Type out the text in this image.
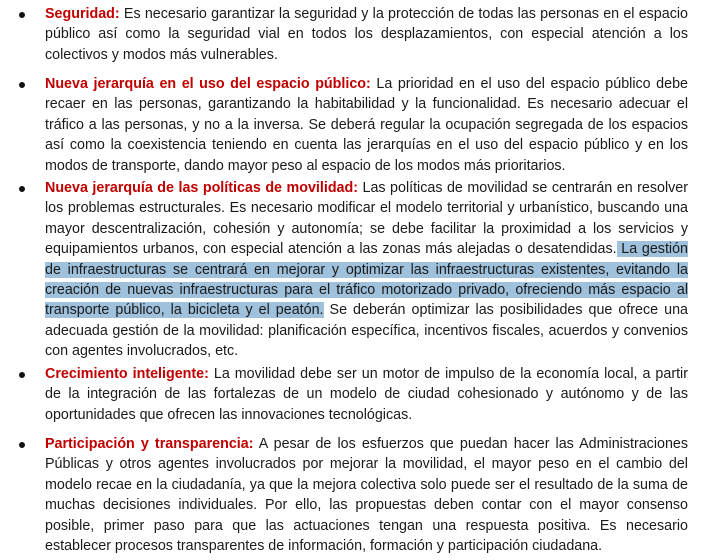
Seguridad: Es necesario garantizar la seguridad y la protección de todas las personas en el espacio público así como la seguridad vial en todos los desplazamientos, con especial atención a los colectivos y modos más vulnerables.

Nueva jerarquía en el uso del espacio público: La prioridad en el uso del espacio público debe recaer en las personas, garantizando la habitabilidad y la funcionalidad. Es necesario adecuar el tráfico a las personas, y no a la inversa. Se deberá regular la ocupación segregada de los espacios así como la coexistencia teniendo en cuenta las jerarquías en el uso del espacio público y en los modos de transporte, dando mayor peso al espacio de los modos más prioritarios.

Nueva jerarquía de las políticas de movilidad: Las políticas de movilidad se centrarán en resolver los problemas estructurales. Es necesario modificar el modelo territorial y urbanístico, buscando una mayor descentralización, cohesión y autonomía; se debe facilitar la proximidad a los servicios y equipamientos urbanos, con especial atención a las zonas más alejadas o desatendidas. La gestión de infraestructuras se centrará en mejorar y optimizar las infraestructuras existentes, evitando la creación de nuevas infraestructuras para el tráfico motorizado privado, ofreciendo más espacio al transporte público, la bicicleta y el peatón. Se deberán optimizar las posibilidades que ofrece una adecuada gestión de la movilidad: planificación específica, incentivos fiscales, acuerdos y convenios con agentes involucrados, etc.

Crecimiento inteligente: La movilidad debe ser un motor de impulso de la economía local, a partir de la integración de las fortalezas de un modelo de ciudad cohesionado y autónomo y de las oportunidades que ofrecen las innovaciones tecnológicas.

Participación y transparencia: A pesar de los esfuerzos que puedan hacer las Administraciones Públicas y otros agentes involucrados por mejorar la movilidad, el mayor peso en el cambio del modelo recae en la ciudadanía, ya que la mejora colectiva solo puede ser el resultado de la suma de muchas decisiones individuales. Por ello, las propuestas deben contar con el mayor consenso posible, primer paso para que las actuaciones tengan una respuesta positiva. Es necesario establecer procesos transparentes de información, formación y participación ciudadana.
